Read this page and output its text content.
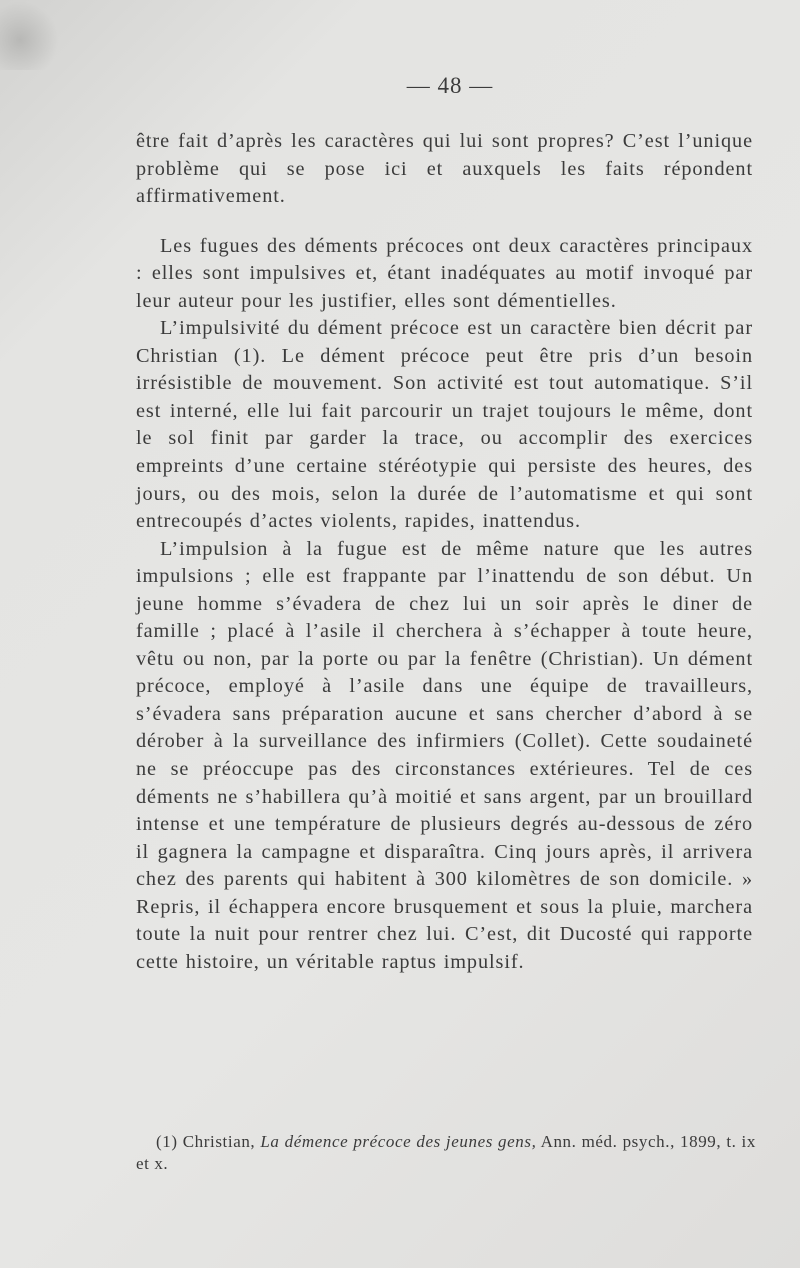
— 48 —

être fait d’après les caractères qui lui sont propres? C’est l’unique problème qui se pose ici et auxquels les faits répondent affirmativement.

Les fugues des déments précoces ont deux caractères principaux : elles sont impulsives et, étant inadéquates au motif invoqué par leur auteur pour les justifier, elles sont démentielles.

L’impulsivité du dément précoce est un caractère bien décrit par Christian (1). Le dément précoce peut être pris d’un besoin irrésistible de mouvement. Son activité est tout automatique. S’il est interné, elle lui fait parcourir un trajet toujours le même, dont le sol finit par garder la trace, ou accomplir des exercices empreints d’une certaine stéréotypie qui persiste des heures, des jours, ou des mois, selon la durée de l’automatisme et qui sont entrecoupés d’actes violents, rapides, inattendus.

L’impulsion à la fugue est de même nature que les autres impulsions ; elle est frappante par l’inattendu de son début. Un jeune homme s’évadera de chez lui un soir après le diner de famille ; placé à l’asile il cherchera à s’échapper à toute heure, vêtu ou non, par la porte ou par la fenêtre (Christian). Un dément précoce, employé à l’asile dans une équipe de travailleurs, s’évadera sans préparation aucune et sans chercher d’abord à se dérober à la surveillance des infirmiers (Collet). Cette soudaineté ne se préoccupe pas des circonstances extérieures. Tel de ces déments ne s’habillera qu’à moitié et sans argent, par un brouillard intense et une température de plusieurs degrés au-dessous de zéro il gagnera la campagne et disparaîtra. Cinq jours après, il arrivera chez des parents qui habitent à 300 kilomètres de son domicile. » Repris, il échappera encore brusquement et sous la pluie, marchera toute la nuit pour rentrer chez lui. C’est, dit Ducosté qui rapporte cette histoire, un véritable raptus impulsif.

(1) Christian, La démence précoce des jeunes gens, Ann. méd. psych., 1899, t. ix et x.
